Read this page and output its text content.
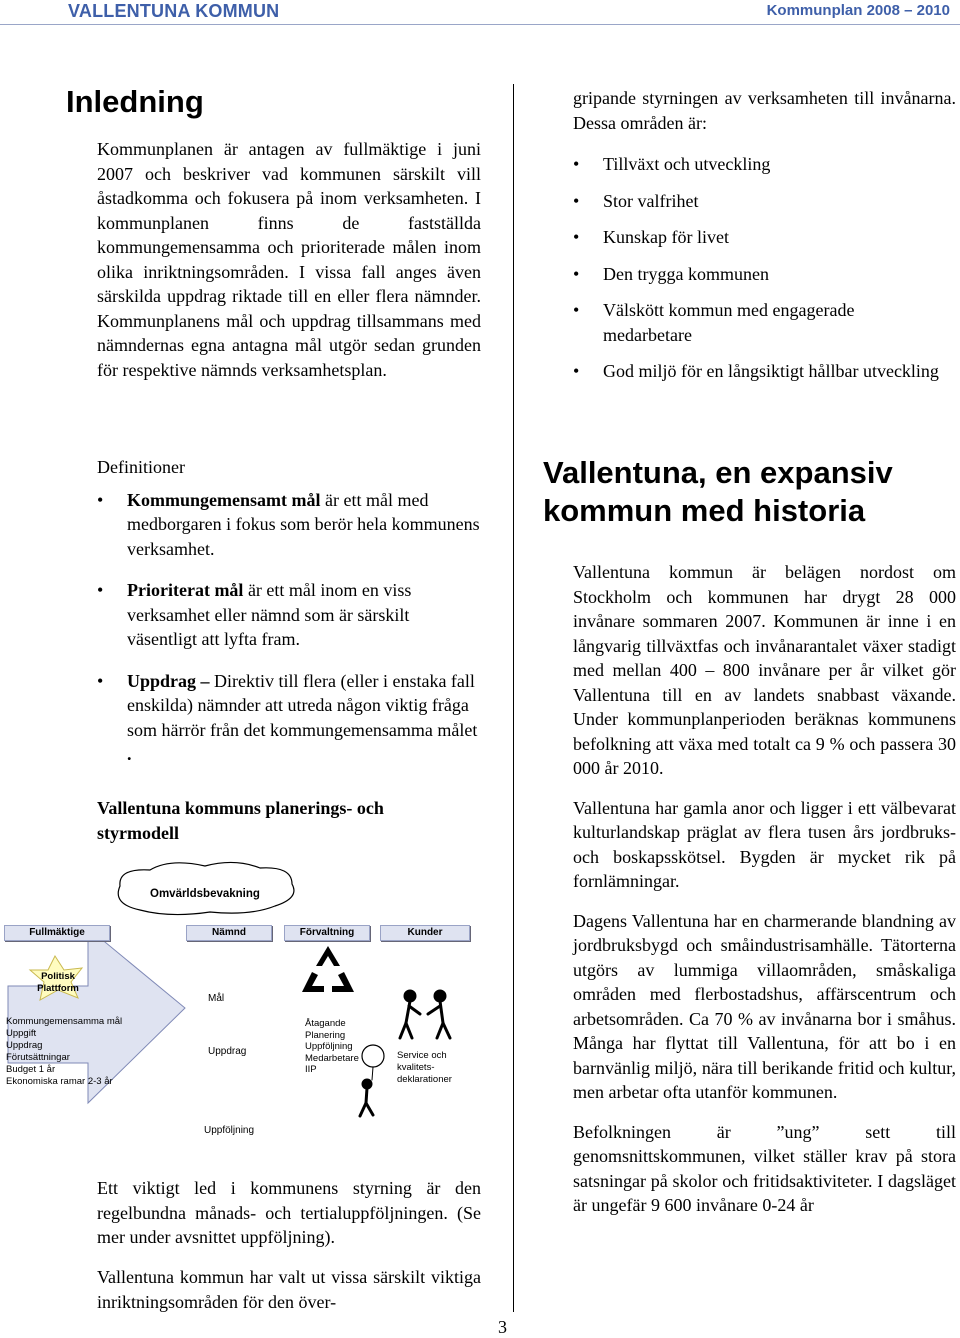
VALLENTUNA KOMMUN	Kommunplan 2008 – 2010
Inledning

Kommunplanen är antagen av fullmäktige i juni 2007 och beskriver vad kommunen särskilt vill åstadkomma och fokusera på inom verksamheten. I kommunplanen finns de fastställda kommungemensamma och prioriterade målen inom olika inriktningsområden. I vissa fall anges även särskilda uppdrag riktade till en eller flera nämnder. Kommunplanens mål och uppdrag tillsammans med nämndernas egna antagna mål utgör sedan grunden för respektive nämnds verksamhetsplan.

Definitioner

• Kommungemensamt mål är ett mål med medborgaren i fokus som berör hela kommunens verksamhet.
• Prioriterat mål är ett mål inom en viss verksamhet eller nämnd som är särskilt väsentligt att lyfta fram.
• Uppdrag – Direktiv till flera (eller i enstaka fall enskilda) nämnder att utreda någon viktig fråga som härrör från det kommungemensamma målet .

Vallentuna kommuns planerings- och styrmodell

Omvärldsbevakning
Fullmäktige	Nämnd	Förvaltning	Kunder
Politisk Plattform
Kommungemensamma mål
Uppgift
Uppdrag
Förutsättningar
Budget 1 år
Ekonomiska ramar 2-3 år
Mål
Uppdrag
Uppföljning
Åtagande
Planering
Uppföljning
Medarbetare
IIP
Service och kvalitets- deklarationer

Ett viktigt led i kommunens styrning är den regelbundna månads- och tertialuppföljningen. (Se mer under avsnittet uppföljning).

Vallentuna kommun har valt ut vissa särskilt viktiga inriktningsområden för den över-

3

gripande styrningen av verksamheten till invånarna. Dessa områden är:

• Tillväxt och utveckling
• Stor valfrihet
• Kunskap för livet
• Den trygga kommunen
• Välskött kommun med engagerade medarbetare
• God miljö för en långsiktigt hållbar utveckling

Vallentuna, en expansiv kommun med historia

Vallentuna kommun är belägen nordost om Stockholm och kommunen har drygt 28 000 invånare sommaren 2007. Kommunen är inne i en långvarig tillväxtfas och invånarantalet växer stadigt med mellan 400 – 800 invånare per år vilket gör Vallentuna till en av landets snabbast växande. Under kommunplanperioden beräknas kommunens befolkning att växa med totalt ca 9 % och passera 30 000 år 2010.

Vallentuna har gamla anor och ligger i ett välbevarat kulturlandskap präglat av flera tusen års jordbruks- och boskapsskötsel. Bygden är mycket rik på fornlämningar.

Dagens Vallentuna har en charmerande blandning av jordbruksbygd och småindustrisamhälle. Tätorterna utgörs av lummiga villaområden, småskaliga områden med flerbostadshus, affärscentrum och arbetsområden. Ca 70 % av invånarna bor i småhus. Många har flyttat till Vallentuna, för att bo i en barnvänlig miljö, nära till berikande fritid och kultur, men arbetar ofta utanför kommunen.

Befolkningen är ”ung” sett till genomsnittskommunen, vilket ställer krav på stora satsningar på skolor och fritidsaktiviteter. I dagsläget är ungefär 9 600 invånare 0-24 år
